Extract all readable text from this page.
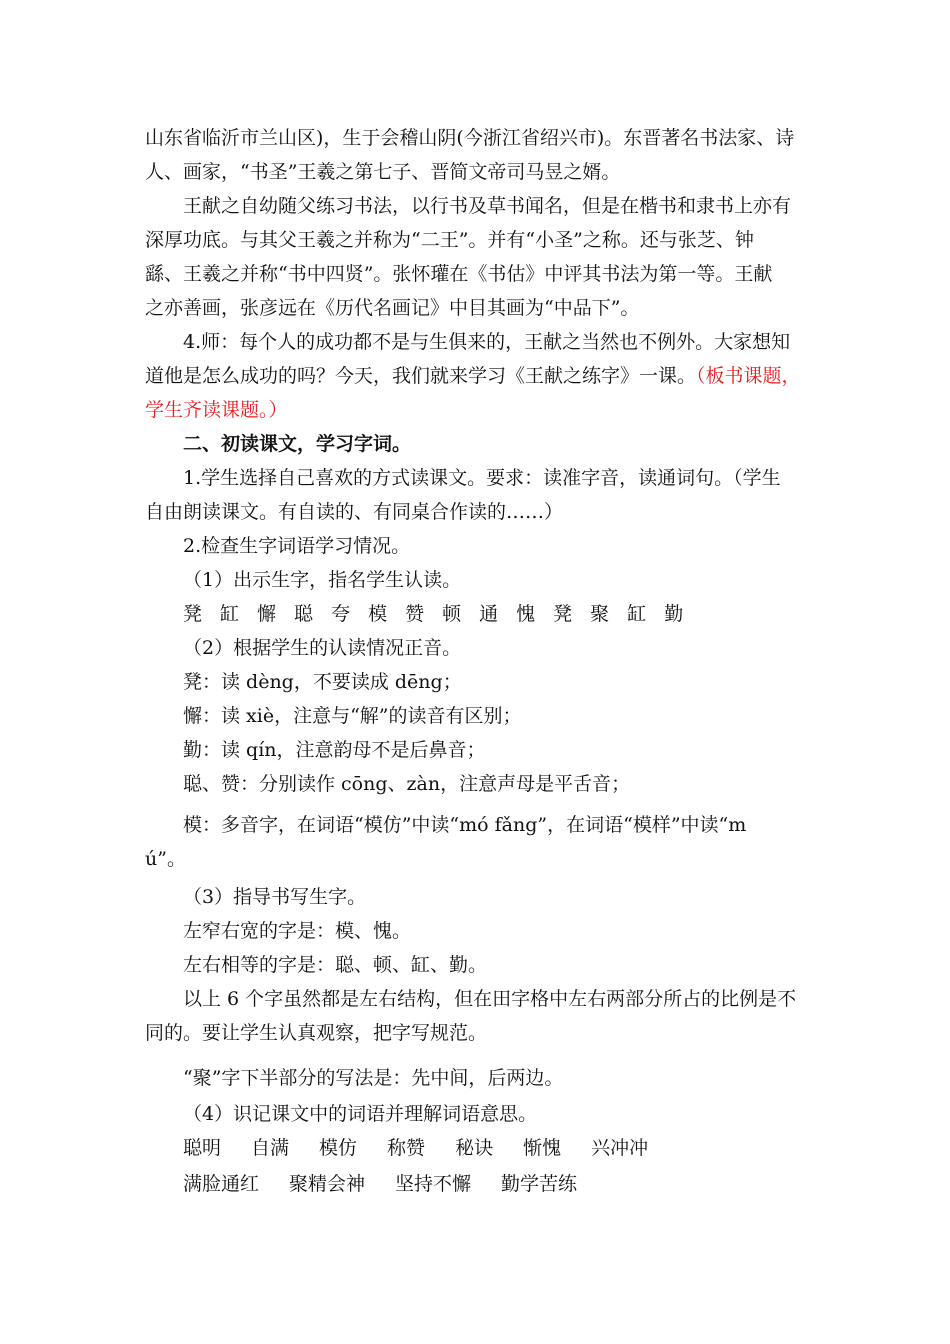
山东省临沂市兰山区)，生于会稽山阴(今浙江省绍兴市)。东晋著名书法家、诗
人、画家，“书圣”王羲之第七子、晋简文帝司马昱之婿。
王献之自幼随父练习书法，以行书及草书闻名，但是在楷书和隶书上亦有
深厚功底。与其父王羲之并称为“二王”。并有“小圣”之称。还与张芝、钟
繇、王羲之并称“书中四贤”。张怀瓘在《书估》中评其书法为第一等。王献
之亦善画，张彦远在《历代名画记》中目其画为“中品下”。
4.师：每个人的成功都不是与生俱来的，王献之当然也不例外。大家想知
道他是怎么成功的吗？今天，我们就来学习《王献之练字》一课。（板书课题，
学生齐读课题。）
二、初读课文，学习字词。
1.学生选择自己喜欢的方式读课文。要求：读准字音，读通词句。（学生
自由朗读课文。有自读的、有同桌合作读的……）
2.检查生字词语学习情况。
（1）出示生字，指名学生认读。
凳 缸 懈 聪 夸 模 赞 顿 通 愧 凳 聚 缸 勤
（2）根据学生的认读情况正音。
凳：读 dèng，不要读成 dēng；
懈：读 xiè，注意与“解”的读音有区别；
勤：读 qín，注意韵母不是后鼻音；
聪、赞：分别读作 cōng、zàn，注意声母是平舌音；
模：多音字，在词语“模仿”中读“mó fǎng”，在词语“模样”中读“m
ú”。
（3）指导书写生字。
左窄右宽的字是：模、愧。
左右相等的字是：聪、顿、缸、勤。
以上 6 个字虽然都是左右结构，但在田字格中左右两部分所占的比例是不
同的。要让学生认真观察，把字写规范。
“聚”字下半部分的写法是：先中间，后两边。
（4）识记课文中的词语并理解词语意思。
聪明 自满 模仿 称赞 秘诀 惭愧 兴冲冲
满脸通红 聚精会神 坚持不懈 勤学苦练
